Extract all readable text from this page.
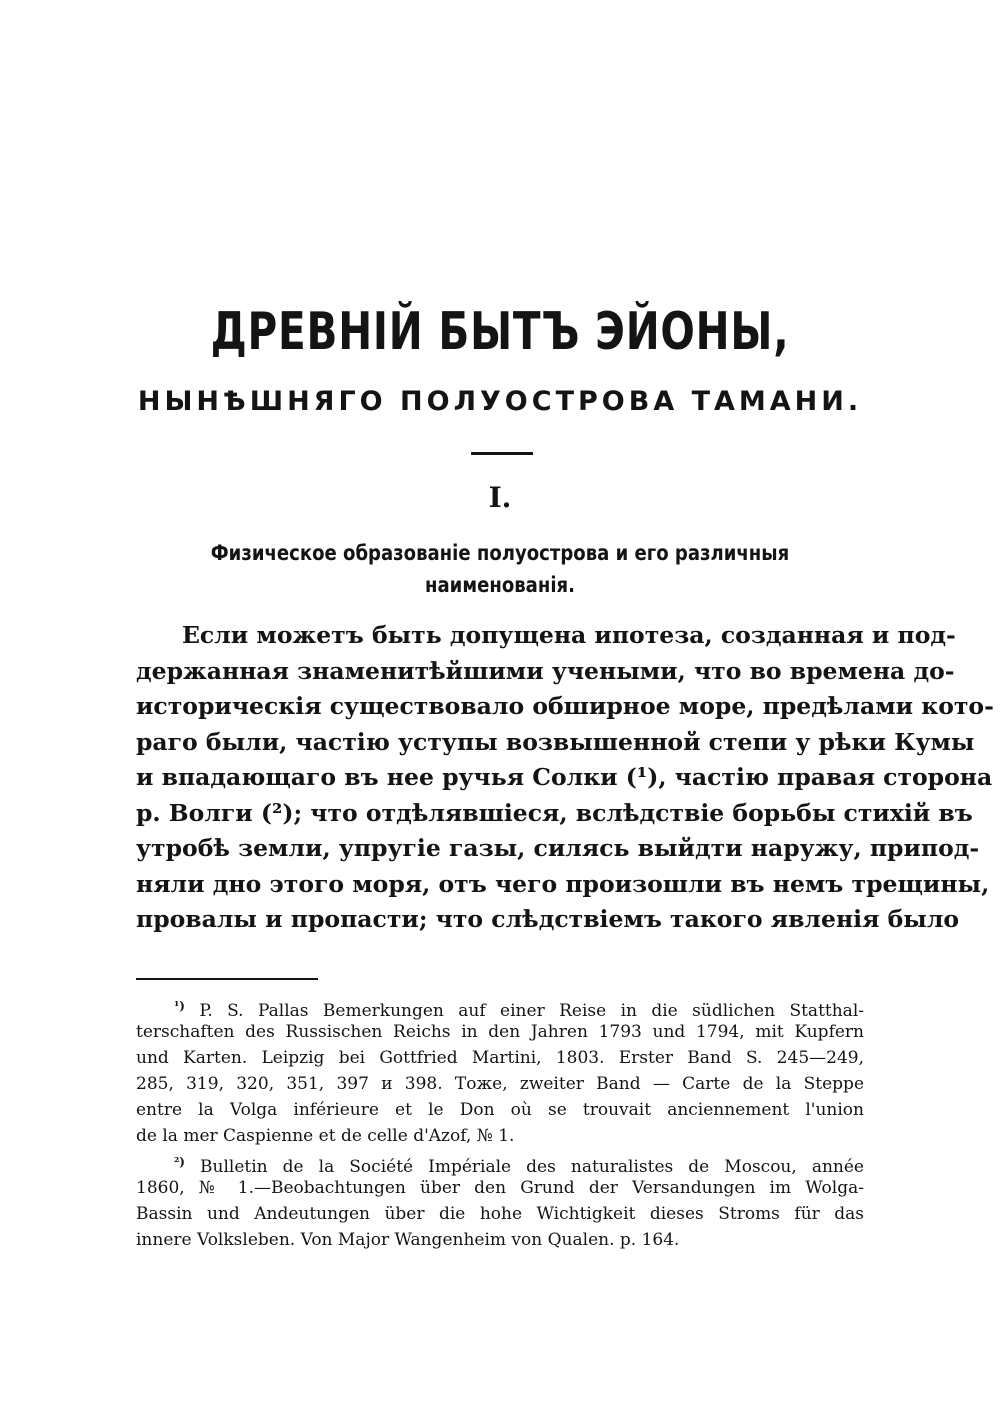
ДРЕВНІЙ БЫТЪ ЭЙОНЫ,
НЫНѢШНЯГО ПОЛУОСТРОВА ТАМАНИ.
I.
Физическое образованіе полуострова и его различныя
наименованія.
Если можетъ быть допущена ипотеза, созданная и под-
держанная знаменитѣйшими учеными, что во времена до-
историческія существовало обширное море, предѣлами кото-
раго были, частію уступы возвышенной степи у рѣки Кумы
и впадающаго въ нее ручья Солки (¹), частію правая сторона
р. Волги (²); что отдѣлявшіеся, вслѣдствіе борьбы стихій въ
утробѣ земли, упругіе газы, силясь выйдти наружу, припод-
няли дно этого моря, отъ чего произошли въ немъ трещины,
провалы и пропасти; что слѣдствіемъ такого явленія было
$^{^1)}$ P. S. Pallas Bemerkungen auf einer Reise in die südlichen Statthal-
terschaften des Russischen Reichs in den Jahren 1793 und 1794, mit Kupfern
und Karten. Leipzig bei Gottfried Martini, 1803. Erster Band S. 245—249,
285, 319, 320, 351, 397 и 398. Тоже, zweiter Band — Carte de la Steppe
entre la Volga inférieure et le Don où se trouvait anciennement l'union
de la mer Caspienne et de celle d'Azof, № 1.
$^{^2)}$ Bulletin de la Société Impériale des naturalistes de Moscou, année
1860, № 1.—Beobachtungen über den Grund der Versandungen im Wolga-
Bassin und Andeutungen über die hohe Wichtigkeit dieses Stroms für das
innere Volksleben. Von Major Wangenheim von Qualen. p. 164.
